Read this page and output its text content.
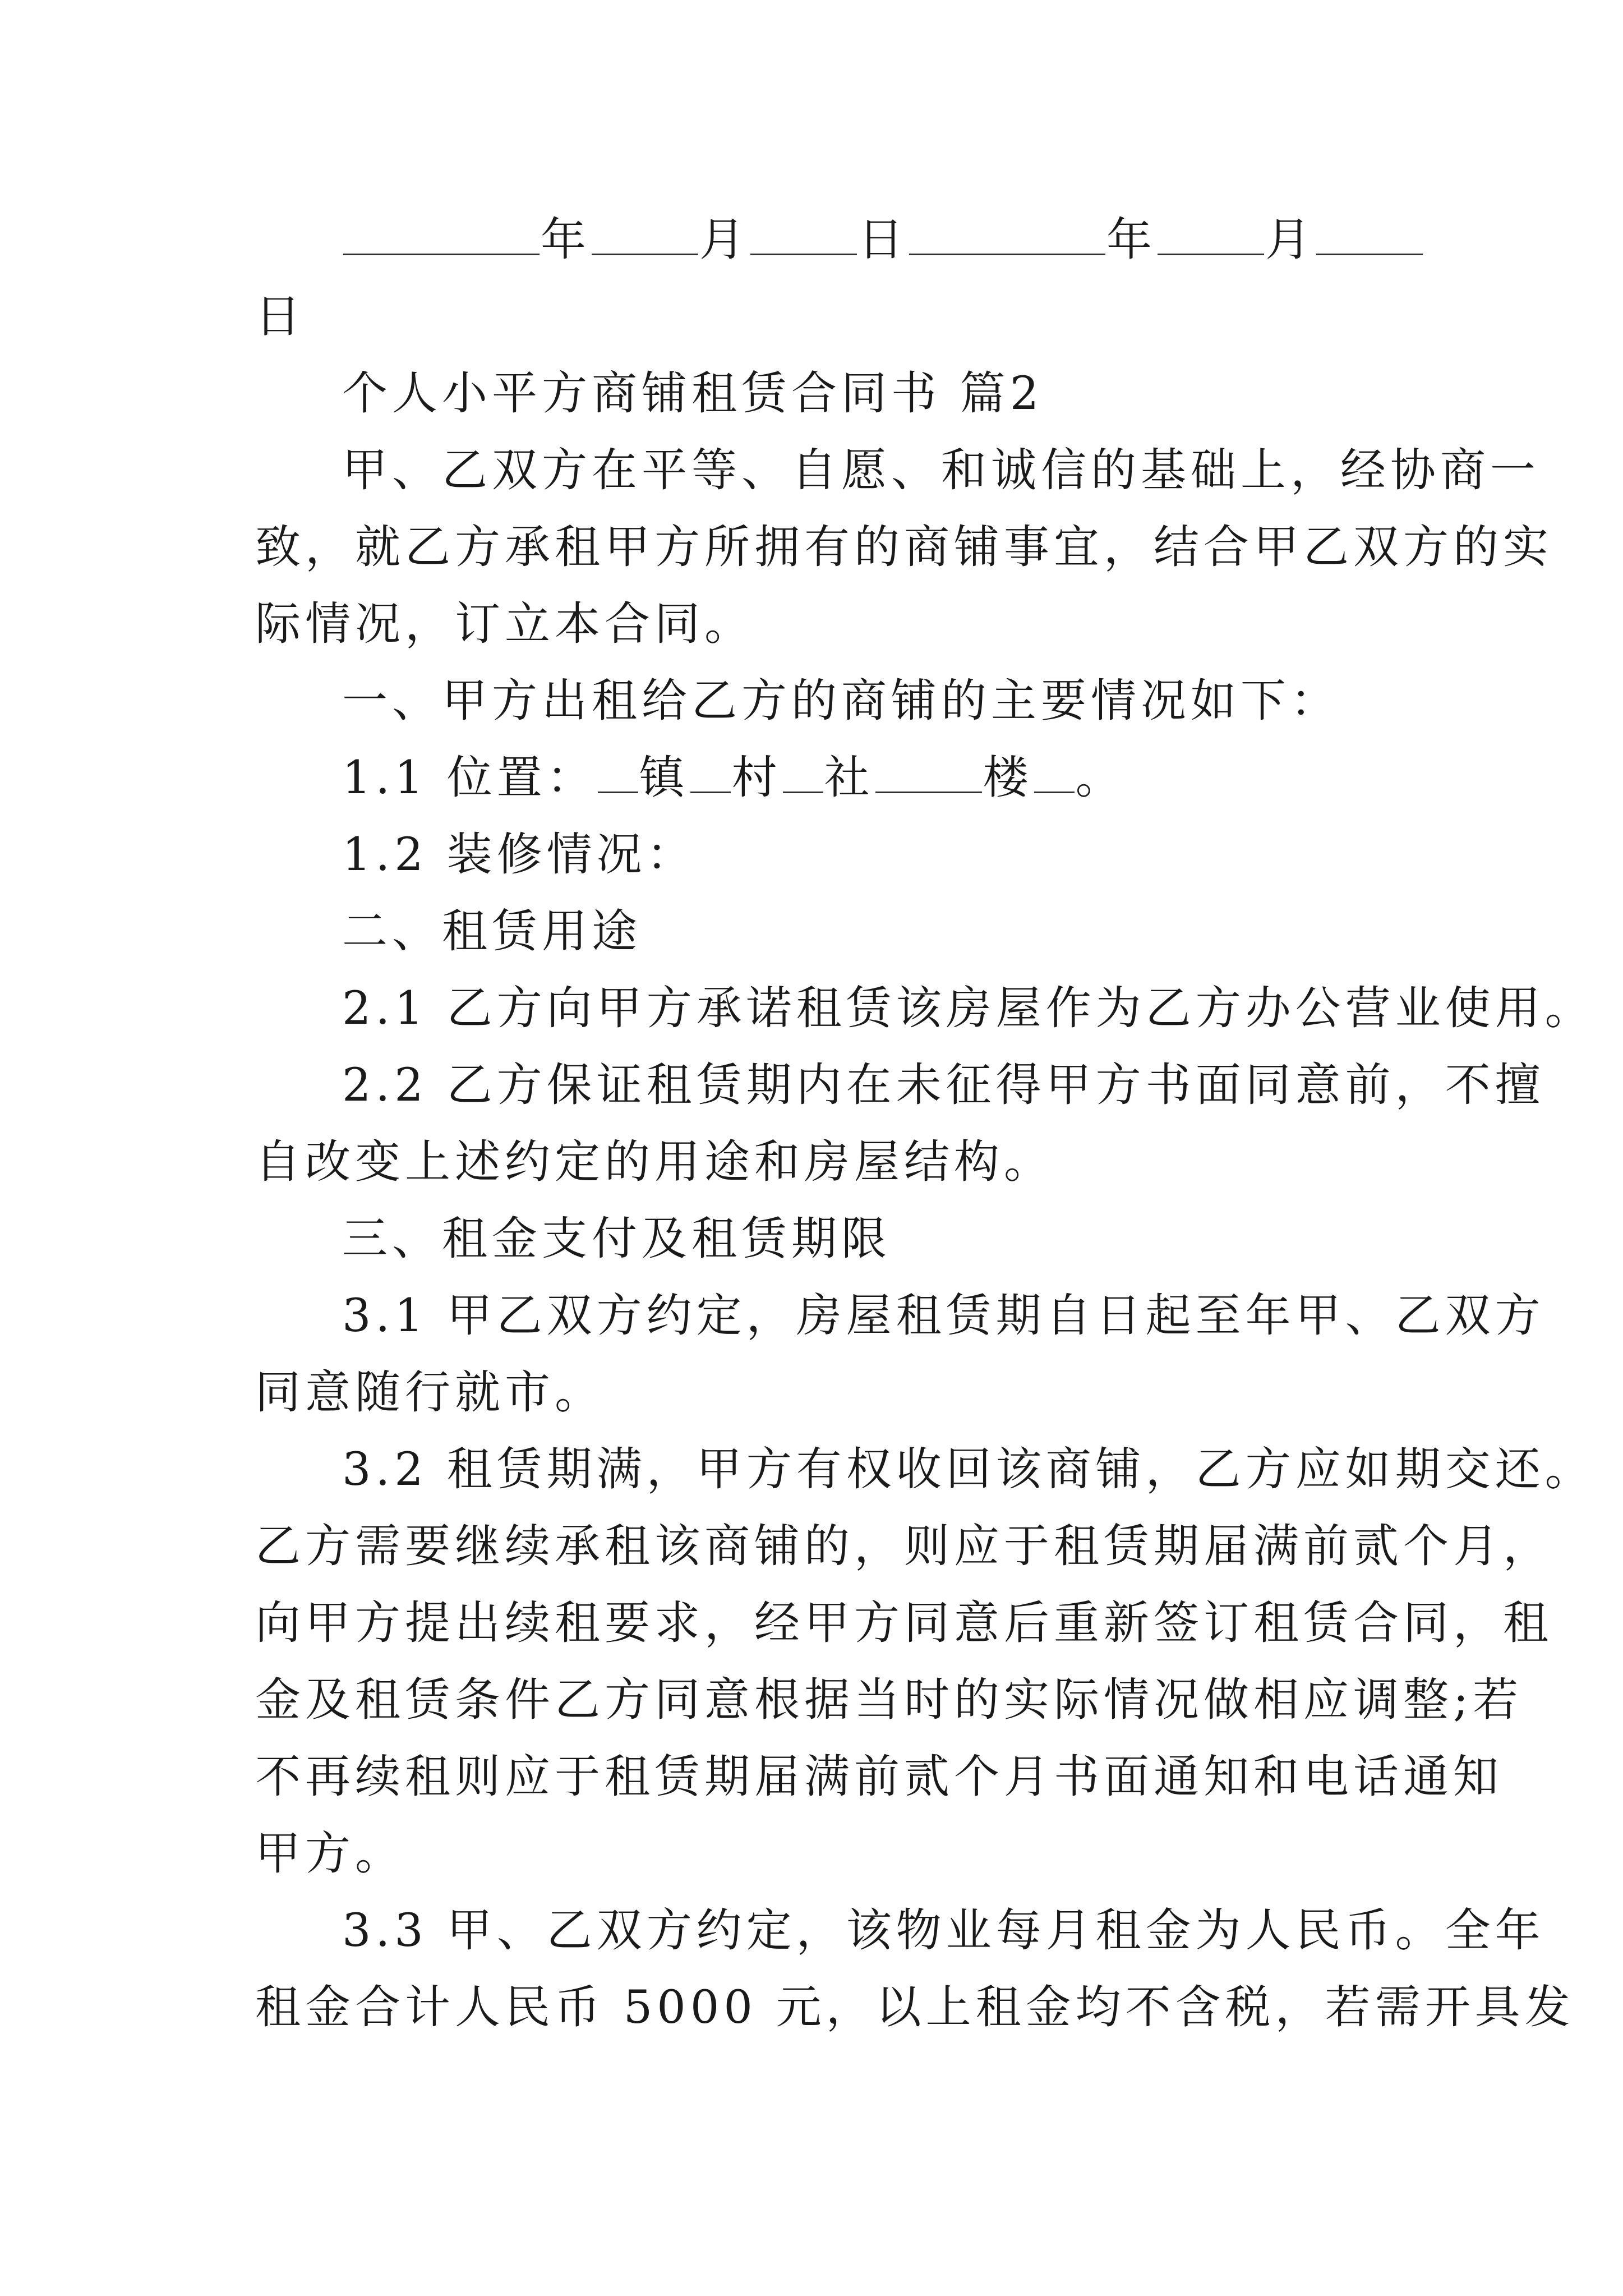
年 月 日	年 月
日
个人小平方商铺租赁合同书 篇2
甲、乙双方在平等、自愿、和诚信的基础上，经协商一
致，就乙方承租甲方所拥有的商铺事宜，结合甲乙双方的实
际情况，订立本合同。
一、甲方出租给乙方的商铺的主要情况如下：
1.1 位置： 镇 村 社 楼 。
1.2 装修情况：
二、租赁用途
2.1 乙方向甲方承诺租赁该房屋作为乙方办公营业使用。
2.2 乙方保证租赁期内在未征得甲方书面同意前，不擅
自改变上述约定的用途和房屋结构。
三、租金支付及租赁期限
3.1 甲乙双方约定，房屋租赁期自日起至年甲、乙双方
同意随行就市。
3.2 租赁期满，甲方有权收回该商铺，乙方应如期交还。
乙方需要继续承租该商铺的，则应于租赁期届满前贰个月，
向甲方提出续租要求，经甲方同意后重新签订租赁合同，租
金及租赁条件乙方同意根据当时的实际情况做相应调整;若
不再续租则应于租赁期届满前贰个月书面通知和电话通知
甲方。
3.3 甲、乙双方约定，该物业每月租金为人民币。全年
租金合计人民币 5000 元，以上租金均不含税，若需开具发
